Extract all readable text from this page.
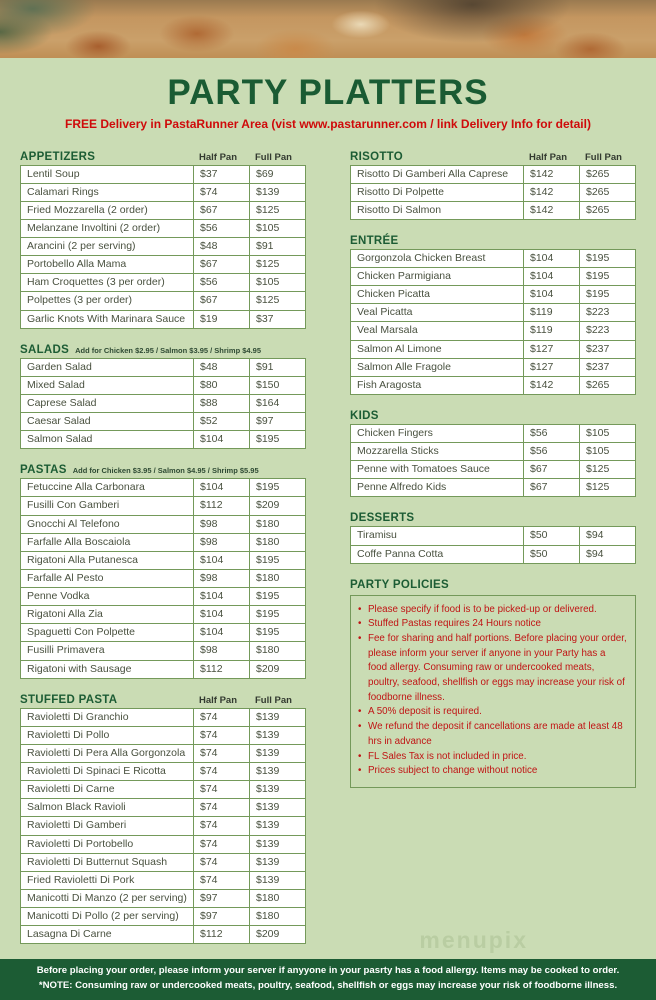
PARTY PLATTERS
FREE Delivery in PastaRunner Area (vist www.pastarunner.com / link Delivery Info for detail)
APPETIZERS	Half Pan	Full Pan
Lentil Soup	$37	$69
Calamari Rings	$74	$139
Fried Mozzarella (2 order)	$67	$125
Melanzane Involtini (2 order)	$56	$105
Arancini (2 per serving)	$48	$91
Portobello Alla Mama	$67	$125
Ham Croquettes (3 per order)	$56	$105
Polpettes (3 per order)	$67	$125
Garlic Knots With Marinara Sauce	$19	$37
SALADS Add for Chicken $2.95 / Salmon $3.95 / Shrimp $4.95
Garden Salad	$48	$91
Mixed Salad	$80	$150
Caprese Salad	$88	$164
Caesar Salad	$52	$97
Salmon Salad	$104	$195
PASTAS Add for Chicken $3.95 / Salmon $4.95 / Shrimp $5.95
Fetuccine Alla Carbonara	$104	$195
Fusilli Con Gamberi	$112	$209
Gnocchi Al Telefono	$98	$180
Farfalle Alla Boscaiola	$98	$180
Rigatoni Alla Putanesca	$104	$195
Farfalle Al Pesto	$98	$180
Penne Vodka	$104	$195
Rigatoni Alla Zia	$104	$195
Spaguetti Con Polpette	$104	$195
Fusilli Primavera	$98	$180
Rigatoni with Sausage	$112	$209
STUFFED PASTA	Half Pan	Full Pan
Ravioletti Di Granchio	$74	$139
Ravioletti Di Pollo	$74	$139
Ravioletti Di Pera Alla Gorgonzola	$74	$139
Ravioletti Di Spinaci E Ricotta	$74	$139
Ravioletti Di Carne	$74	$139
Salmon Black Ravioli	$74	$139
Ravioletti Di Gamberi	$74	$139
Ravioletti Di Portobello	$74	$139
Ravioletti Di Butternut Squash	$74	$139
Fried Ravioletti Di Pork	$74	$139
Manicotti Di Manzo (2 per serving)	$97	$180
Manicotti Di Pollo (2 per serving)	$97	$180
Lasagna Di Carne	$112	$209
RISOTTO	Half Pan	Full Pan
Risotto Di Gamberi Alla Caprese	$142	$265
Risotto Di Polpette	$142	$265
Risotto Di Salmon	$142	$265
ENTRÉE
Gorgonzola Chicken Breast	$104	$195
Chicken Parmigiana	$104	$195
Chicken Picatta	$104	$195
Veal Picatta	$119	$223
Veal Marsala	$119	$223
Salmon Al Limone	$127	$237
Salmon Alle Fragole	$127	$237
Fish Aragosta	$142	$265
KIDS
Chicken Fingers	$56	$105
Mozzarella Sticks	$56	$105
Penne with Tomatoes Sauce	$67	$125
Penne Alfredo Kids	$67	$125
DESSERTS
Tiramisu	$50	$94
Coffe Panna Cotta	$50	$94
PARTY POLICIES
• Please specify if food is to be picked-up or delivered.
• Stuffed Pastas requires 24 Hours notice
• Fee for sharing and half portions. Before placing your order, please inform your server if anyone in your Party has a food allergy. Consuming raw or undercooked meats, poultry, seafood, shellfish or eggs may increase your risk of foodborne illness.
• A 50% deposit is required.
• We refund the deposit if cancellations are made at least 48 hrs in advance
• FL Sales Tax is not included in price.
• Prices subject to change without notice
menupix
Before placing your order, please inform your server if anyyone in your pasrty has a food allergy. Items may be cooked to order.
*NOTE: Consuming raw or undercooked meats, poultry, seafood, shellfish or eggs may increase your risk of foodborne illness.
